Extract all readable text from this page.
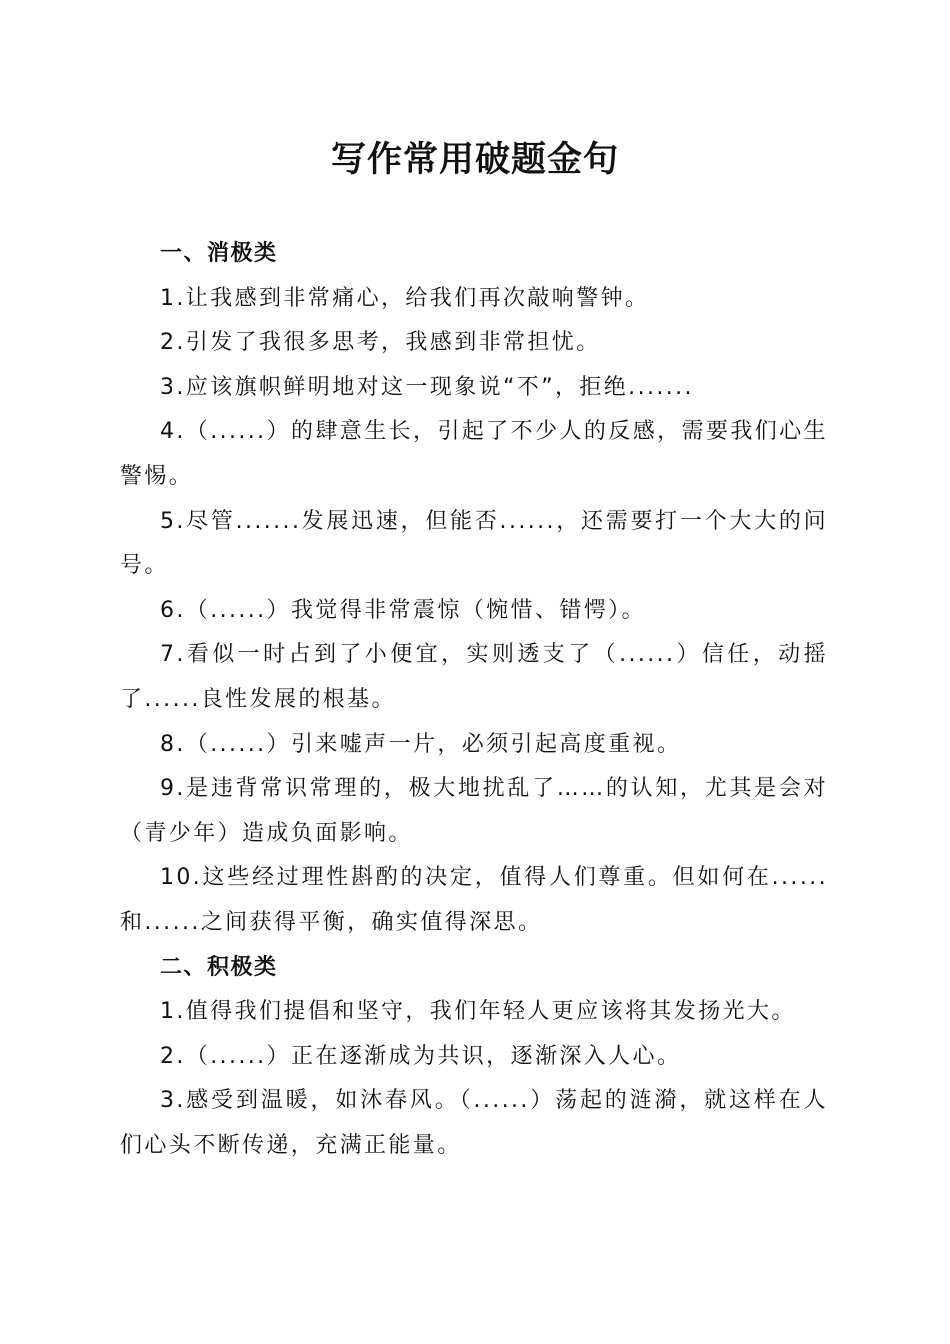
写作常用破题金句

一、消极类

1.让我感到非常痛心，给我们再次敲响警钟。

2.引发了我很多思考，我感到非常担忧。

3.应该旗帜鲜明地对这一现象说“不”，拒绝.......

4.（......）的肆意生长，引起了不少人的反感，需要我们心生警惕。

5.尽管.......发展迅速，但能否......，还需要打一个大大的问号。

6.（......）我觉得非常震惊（惋惜、错愕）。

7.看似一时占到了小便宜，实则透支了（......）信任，动摇了......良性发展的根基。

8.（......）引来嘘声一片，必须引起高度重视。

9.是违背常识常理的，极大地扰乱了……的认知，尤其是会对（青少年）造成负面影响。

10.这些经过理性斟酌的决定，值得人们尊重。但如何在......和......之间获得平衡，确实值得深思。

二、积极类

1.值得我们提倡和坚守，我们年轻人更应该将其发扬光大。

2.（......）正在逐渐成为共识，逐渐深入人心。

3.感受到温暖，如沐春风。（......）荡起的涟漪，就这样在人们心头不断传递，充满正能量。
